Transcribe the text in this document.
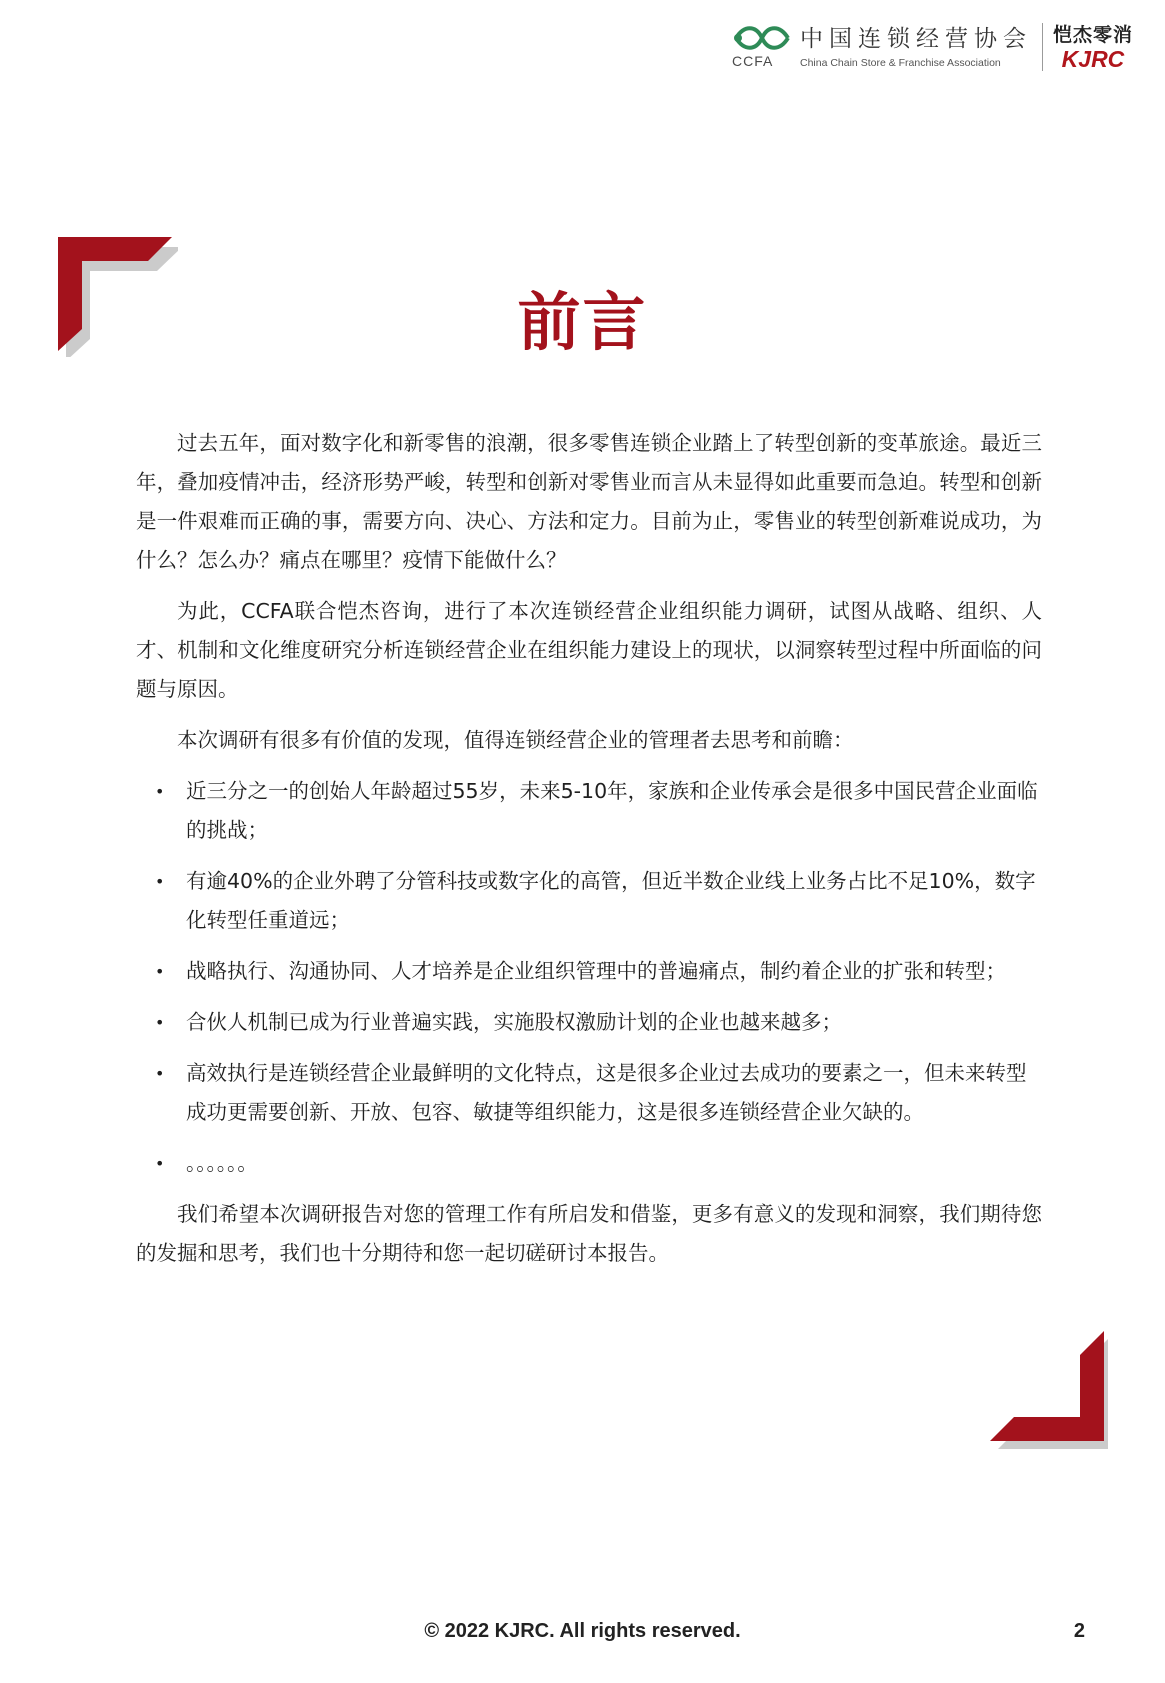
CCFA
中国连锁经营协会
China Chain Store & Franchise Association
恺杰零消
KJRC
前言

过去五年，面对数字化和新零售的浪潮，很多零售连锁企业踏上了转型创新的变革旅途。最近三年，叠加疫情冲击，经济形势严峻，转型和创新对零售业而言从未显得如此重要而急迫。转型和创新是一件艰难而正确的事，需要方向、决心、方法和定力。目前为止，零售业的转型创新难说成功，为什么？怎么办？痛点在哪里？疫情下能做什么？

为此，CCFA联合恺杰咨询，进行了本次连锁经营企业组织能力调研，试图从战略、组织、人才、机制和文化维度研究分析连锁经营企业在组织能力建设上的现状，以洞察转型过程中所面临的问题与原因。

本次调研有很多有价值的发现，值得连锁经营企业的管理者去思考和前瞻：

• 近三分之一的创始人年龄超过55岁，未来5-10年，家族和企业传承会是很多中国民营企业面临的挑战；
• 有逾40%的企业外聘了分管科技或数字化的高管，但近半数企业线上业务占比不足10%，数字化转型任重道远；
• 战略执行、沟通协同、人才培养是企业组织管理中的普遍痛点，制约着企业的扩张和转型；
• 合伙人机制已成为行业普遍实践，实施股权激励计划的企业也越来越多；
• 高效执行是连锁经营企业最鲜明的文化特点，这是很多企业过去成功的要素之一，但未来转型成功更需要创新、开放、包容、敏捷等组织能力，这是很多连锁经营企业欠缺的。
• 。。。。。。

我们希望本次调研报告对您的管理工作有所启发和借鉴，更多有意义的发现和洞察，我们期待您的发掘和思考，我们也十分期待和您一起切磋研讨本报告。

© 2022 KJRC. All rights reserved.	2
